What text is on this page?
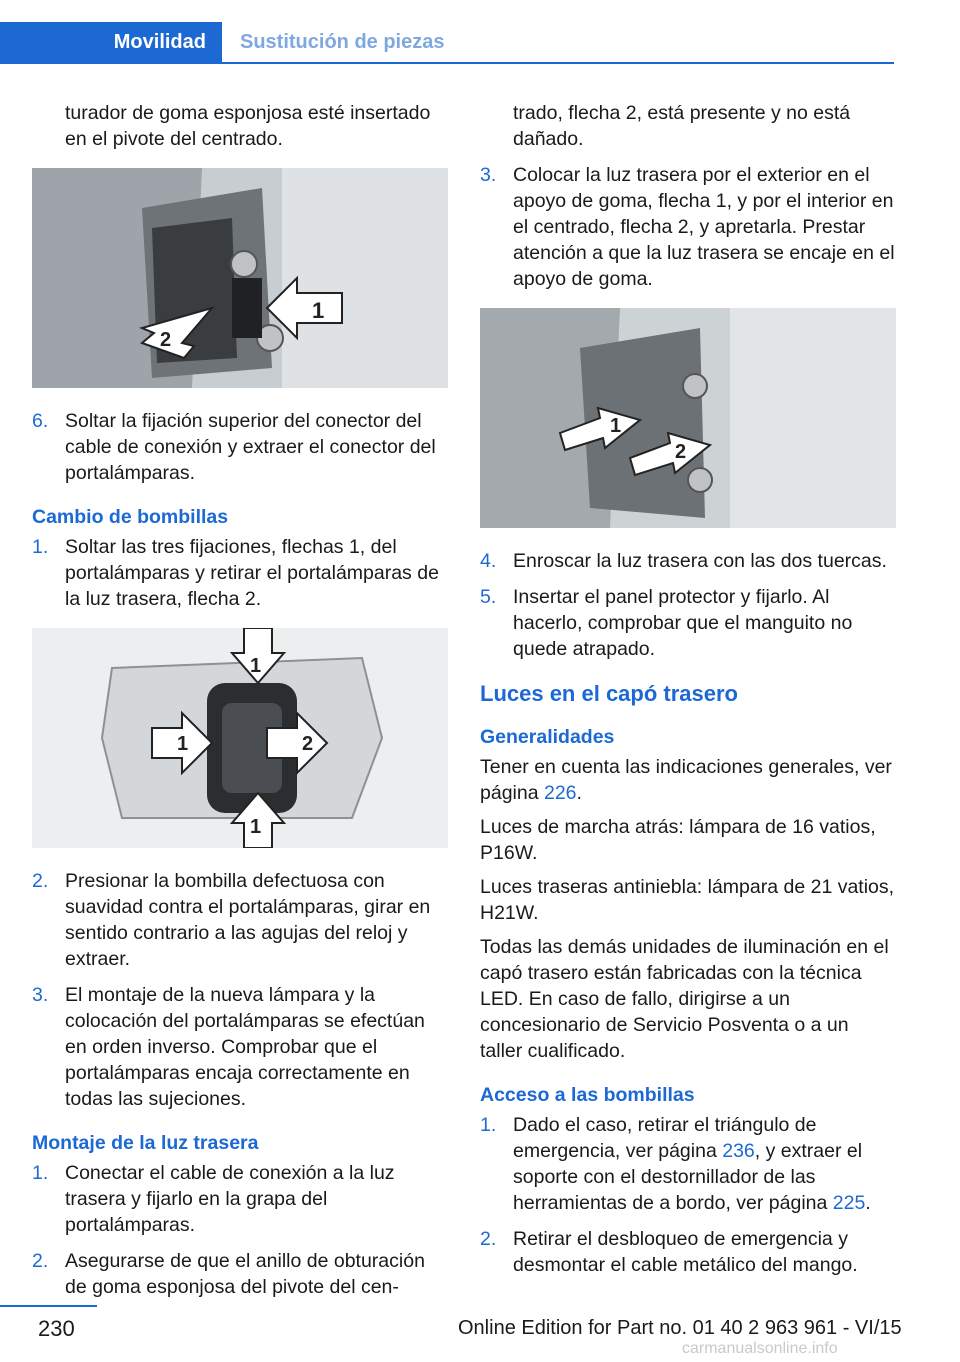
Movilidad Sustitución de piezas

turador de goma esponjosa esté insertado en el pivote del centrado.

1
2
6. Soltar la fijación superior del conector del cable de conexión y extraer el conector del portalámparas.
Cambio de bombillas
1. Soltar las tres fijaciones, flechas 1, del portalámparas y retirar el portalámparas de la luz trasera, flecha 2.
1
1
1
2
2. Presionar la bombilla defectuosa con suavidad contra el portalámparas, girar en sentido contrario a las agujas del reloj y extraer.
3. El montaje de la nueva lámpara y la colocación del portalámparas se efectúan en orden inverso. Comprobar que el portalámparas encaja correctamente en todas las sujeciones.
Montaje de la luz trasera
1. Conectar el cable de conexión a la luz trasera y fijarlo en la grapa del portalámparas.
2. Asegurarse de que el anillo de obturación de goma esponjosa del pivote del cen-

trado, flecha 2, está presente y no está dañado.

3. Colocar la luz trasera por el exterior en el apoyo de goma, flecha 1, y por el interior en el centrado, flecha 2, y apretarla. Prestar atención a que la luz trasera se encaje en el apoyo de goma.
1
2
4. Enroscar la luz trasera con las dos tuercas.
5. Insertar el panel protector y fijarlo. Al hacerlo, comprobar que el manguito no quede atrapado.
Luces en el capó trasero
Generalidades

Tener en cuenta las indicaciones generales, ver página 226.

Luces de marcha atrás: lámpara de 16 vatios, P16W.

Luces traseras antiniebla: lámpara de 21 vatios, H21W.

Todas las demás unidades de iluminación en el capó trasero están fabricadas con la técnica LED. En caso de fallo, dirigirse a un concesionario de Servicio Posventa o a un taller cualificado.

Acceso a las bombillas
1. Dado el caso, retirar el triángulo de emergencia, ver página 236, y extraer el soporte con el destornillador de las herramientas de a bordo, ver página 225.
2. Retirar el desbloqueo de emergencia y desmontar el cable metálico del mango.
230	Online Edition for Part no. 01 40 2 963 961 - VI/15
carmanualsonline.info
